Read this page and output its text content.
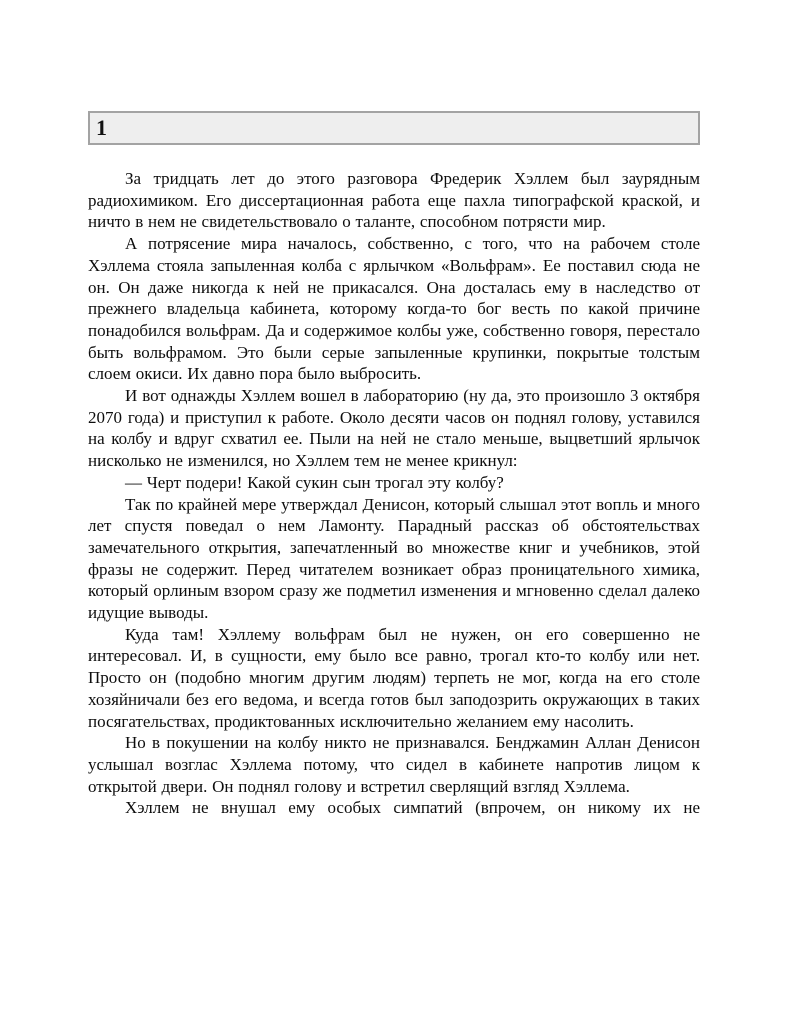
1

За тридцать лет до этого разговора Фредерик Хэллем был заурядным радиохимиком. Его диссертационная работа еще пахла типографской краской, и ничто в нем не свидетельствовало о таланте, способном потрясти мир.

А потрясение мира началось, собственно, с того, что на рабочем столе Хэллема стояла запыленная колба с ярлычком «Вольфрам». Ее поставил сюда не он. Он даже никогда к ней не прикасался. Она досталась ему в наследство от прежнего владельца кабинета, которому когда-то бог весть по какой причине понадобился вольфрам. Да и содержимое колбы уже, собственно говоря, перестало быть вольфрамом. Это были серые запыленные крупинки, покрытые толстым слоем окиси. Их давно пора было выбросить.

И вот однажды Хэллем вошел в лабораторию (ну да, это произошло 3 октября 2070 года) и приступил к работе. Около десяти часов он поднял голову, уставился на колбу и вдруг схватил ее. Пыли на ней не стало меньше, выцветший ярлычок нисколько не изменился, но Хэллем тем не менее крикнул:

— Черт подери! Какой сукин сын трогал эту колбу?

Так по крайней мере утверждал Денисон, который слышал этот вопль и много лет спустя поведал о нем Ламонту. Парадный рассказ об обстоятельствах замечательного открытия, запечатленный во множестве книг и учебников, этой фразы не содержит. Перед читателем возникает образ проницательного химика, который орлиным взором сразу же подметил изменения и мгновенно сделал далеко идущие выводы.

Куда там! Хэллему вольфрам был не нужен, он его совершенно не интересовал. И, в сущности, ему было все равно, трогал кто-то колбу или нет. Просто он (подобно многим другим людям) терпеть не мог, когда на его столе хозяйничали без его ведома, и всегда готов был заподозрить окружающих в таких посягательствах, продиктованных исключительно желанием ему насолить.

Но в покушении на колбу никто не признавался. Бенджамин Аллан Денисон услышал возглас Хэллема потому, что сидел в кабинете напротив лицом к открытой двери. Он поднял голову и встретил сверлящий взгляд Хэллема.

Хэллем не внушал ему особых симпатий (впрочем, он никому их не
